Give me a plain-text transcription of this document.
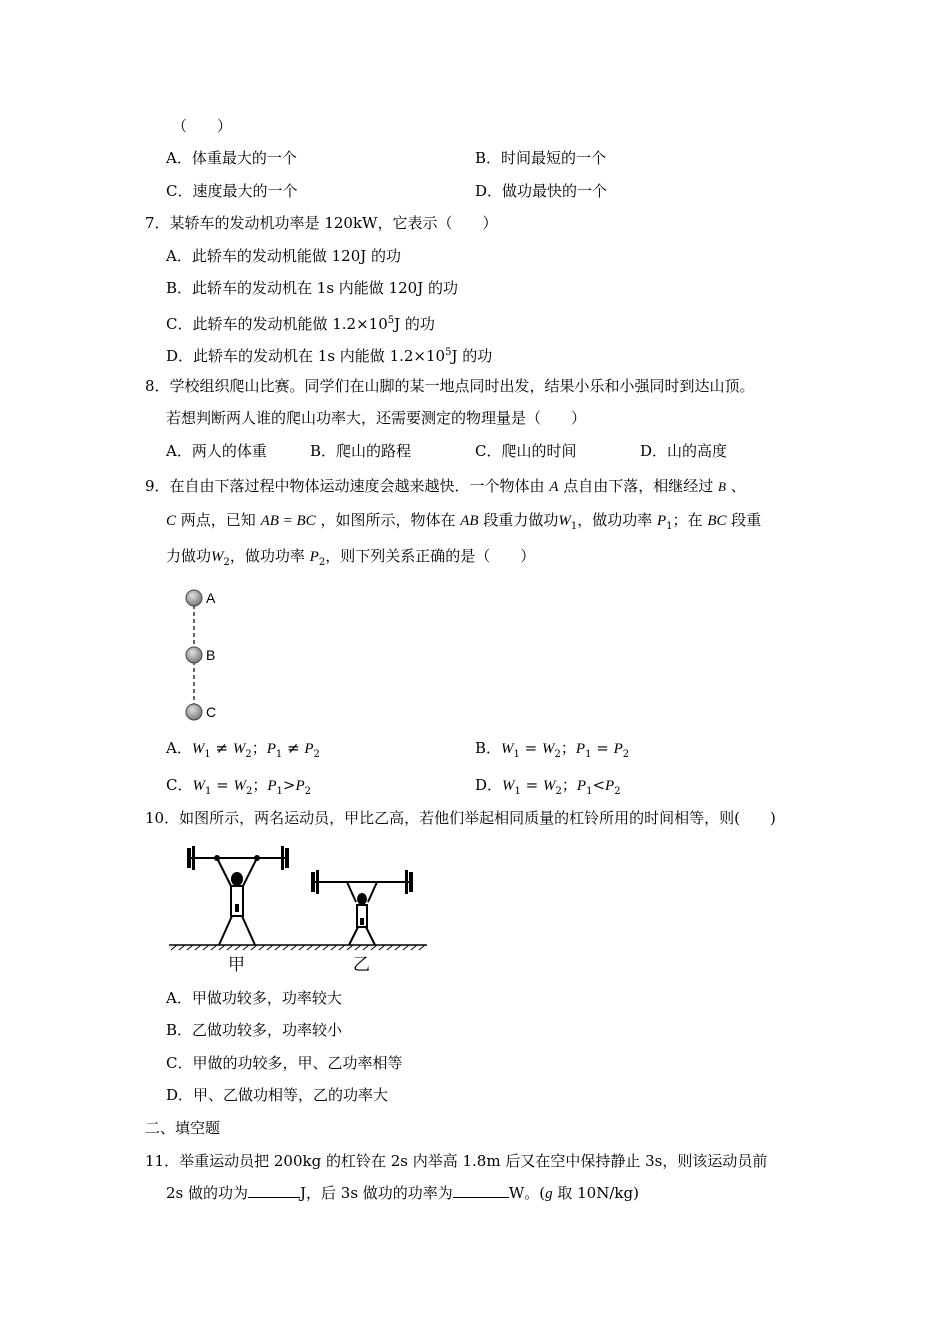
（　　）
A．体重最大的一个	B．时间最短的一个
C．速度最大的一个	D．做功最快的一个
7．某轿车的发动机功率是 120kW，它表示（　　）
A．此轿车的发动机能做 120J 的功
B．此轿车的发动机在 1s 内能做 120J 的功
C．此轿车的发动机能做 $1.2\times 10^5J$ 的功
D．此轿车的发动机在 1s 内能做 $1.2\times 10^5J$ 的功
8．学校组织爬山比赛。同学们在山脚的某一地点同时出发，结果小乐和小强同时到达山顶。
若想判断两人谁的爬山功率大，还需要测定的物理量是（　　）
A．两人的体重	B．爬山的路程	C．爬山的时间	D．山的高度
9．在自由下落过程中物体运动速度会越来越快．一个物体由 A 点自由下落，相继经过 B 、
C 两点，已知 AB = BC ，如图所示，物体在 AB 段重力做功$W_1$，做功功率 $P_1$；在 BC 段重
力做功$W_2$，做功功率 $P_2$，则下列关系正确的是（　　）
A
B
C
A．$W_1 \ne W_2$；$P_1 \ne P_2$	B．$W_1 = W_2$；$P_1 = P_2$
C．$W_1 = W_2$；$P_1>P_2$	D．$W_1 = W_2$；$P_1<P_2$
10．如图所示，两名运动员，甲比乙高，若他们举起相同质量的杠铃所用的时间相等，则(　　)
甲	乙
A．甲做功较多，功率较大
B．乙做功较多，功率较小
C．甲做的功较多，甲、乙功率相等
D．甲、乙做功相等，乙的功率大
二、填空题
11．举重运动员把 200kg 的杠铃在 2s 内举高 1.8m 后又在空中保持静止 3s，则该运动员前
2s 做的功为	J，后 3s 做功的功率为	W。(g 取 10N/kg)
